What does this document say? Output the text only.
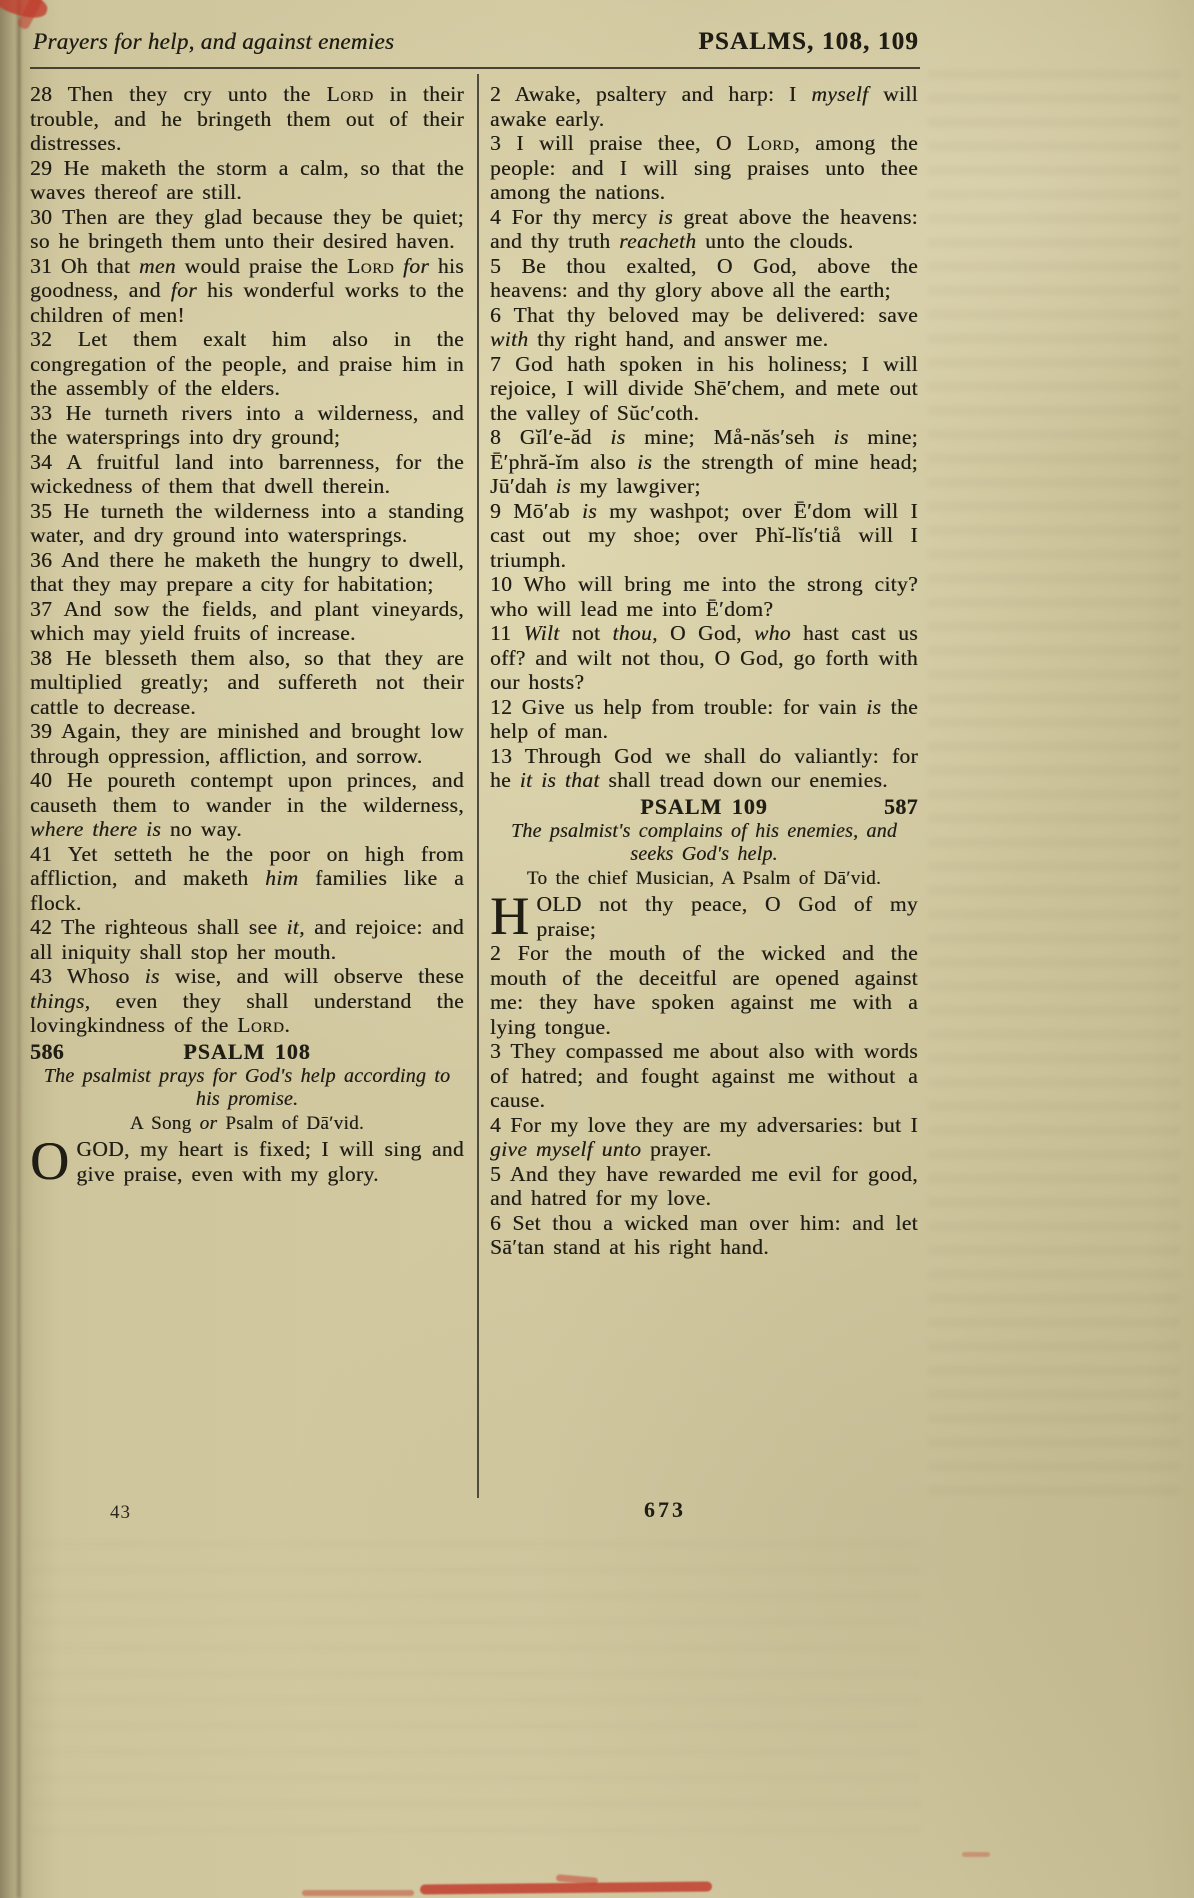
Prayers for help, and against enemies	PSALMS, 108, 109

28 Then they cry unto the Lord in their trouble, and he bringeth them out of their distresses.

29 He maketh the storm a calm, so that the waves thereof are still.

30 Then are they glad because they be quiet; so he bringeth them unto their desired haven.

31 Oh that men would praise the Lord for his goodness, and for his wonderful works to the children of men!

32 Let them exalt him also in the congregation of the people, and praise him in the assembly of the elders.

33 He turneth rivers into a wilderness, and the watersprings into dry ground;

34 A fruitful land into barrenness, for the wickedness of them that dwell therein.

35 He turneth the wilderness into a standing water, and dry ground into watersprings.

36 And there he maketh the hungry to dwell, that they may prepare a city for habitation;

37 And sow the fields, and plant vineyards, which may yield fruits of increase.

38 He blesseth them also, so that they are multiplied greatly; and suffereth not their cattle to decrease.

39 Again, they are minished and brought low through oppression, affliction, and sorrow.

40 He poureth contempt upon princes, and causeth them to wander in the wilderness, where there is no way.

41 Yet setteth he the poor on high from affliction, and maketh him families like a flock.

42 The righteous shall see it, and rejoice: and all iniquity shall stop her mouth.

43 Whoso is wise, and will observe these things, even they shall understand the lovingkindness of the Lord.

586	PSALM 108

The psalmist prays for God's help according to his promise.

A Song or Psalm of Dā′vid.

OGOD, my heart is fixed; I will sing and give praise, even with my glory.

2 Awake, psaltery and harp: I myself will awake early.

3 I will praise thee, O Lord, among the people: and I will sing praises unto thee among the nations.

4 For thy mercy is great above the heavens: and thy truth reacheth unto the clouds.

5 Be thou exalted, O God, above the heavens: and thy glory above all the earth;

6 That thy beloved may be delivered: save with thy right hand, and answer me.

7 God hath spoken in his holiness; I will rejoice, I will divide Shē′chem, and mete out the valley of Sŭc′coth.

8 Gĭl′e-ăd is mine; Må-năs′seh is mine; Ē′phră-ĭm also is the strength of mine head; Jū′dah is my lawgiver;

9 Mō′ab is my washpot; over Ē′dom will I cast out my shoe; over Phĭ-lĭs′tiå will I triumph.

10 Who will bring me into the strong city? who will lead me into Ē′dom?

11 Wilt not thou, O God, who hast cast us off? and wilt not thou, O God, go forth with our hosts?

12 Give us help from trouble: for vain is the help of man.

13 Through God we shall do valiantly: for he it is that shall tread down our enemies.

PSALM 109	587

The psalmist's complains of his enemies, and seeks God's help.

To the chief Musician, A Psalm of Dā′vid.

HOLD not thy peace, O God of my praise;

2 For the mouth of the wicked and the mouth of the deceitful are opened against me: they have spoken against me with a lying tongue.

3 They compassed me about also with words of hatred; and fought against me without a cause.

4 For my love they are my adversaries: but I give myself unto prayer.

5 And they have rewarded me evil for good, and hatred for my love.

6 Set thou a wicked man over him: and let Sā′tan stand at his right hand.

43	673
